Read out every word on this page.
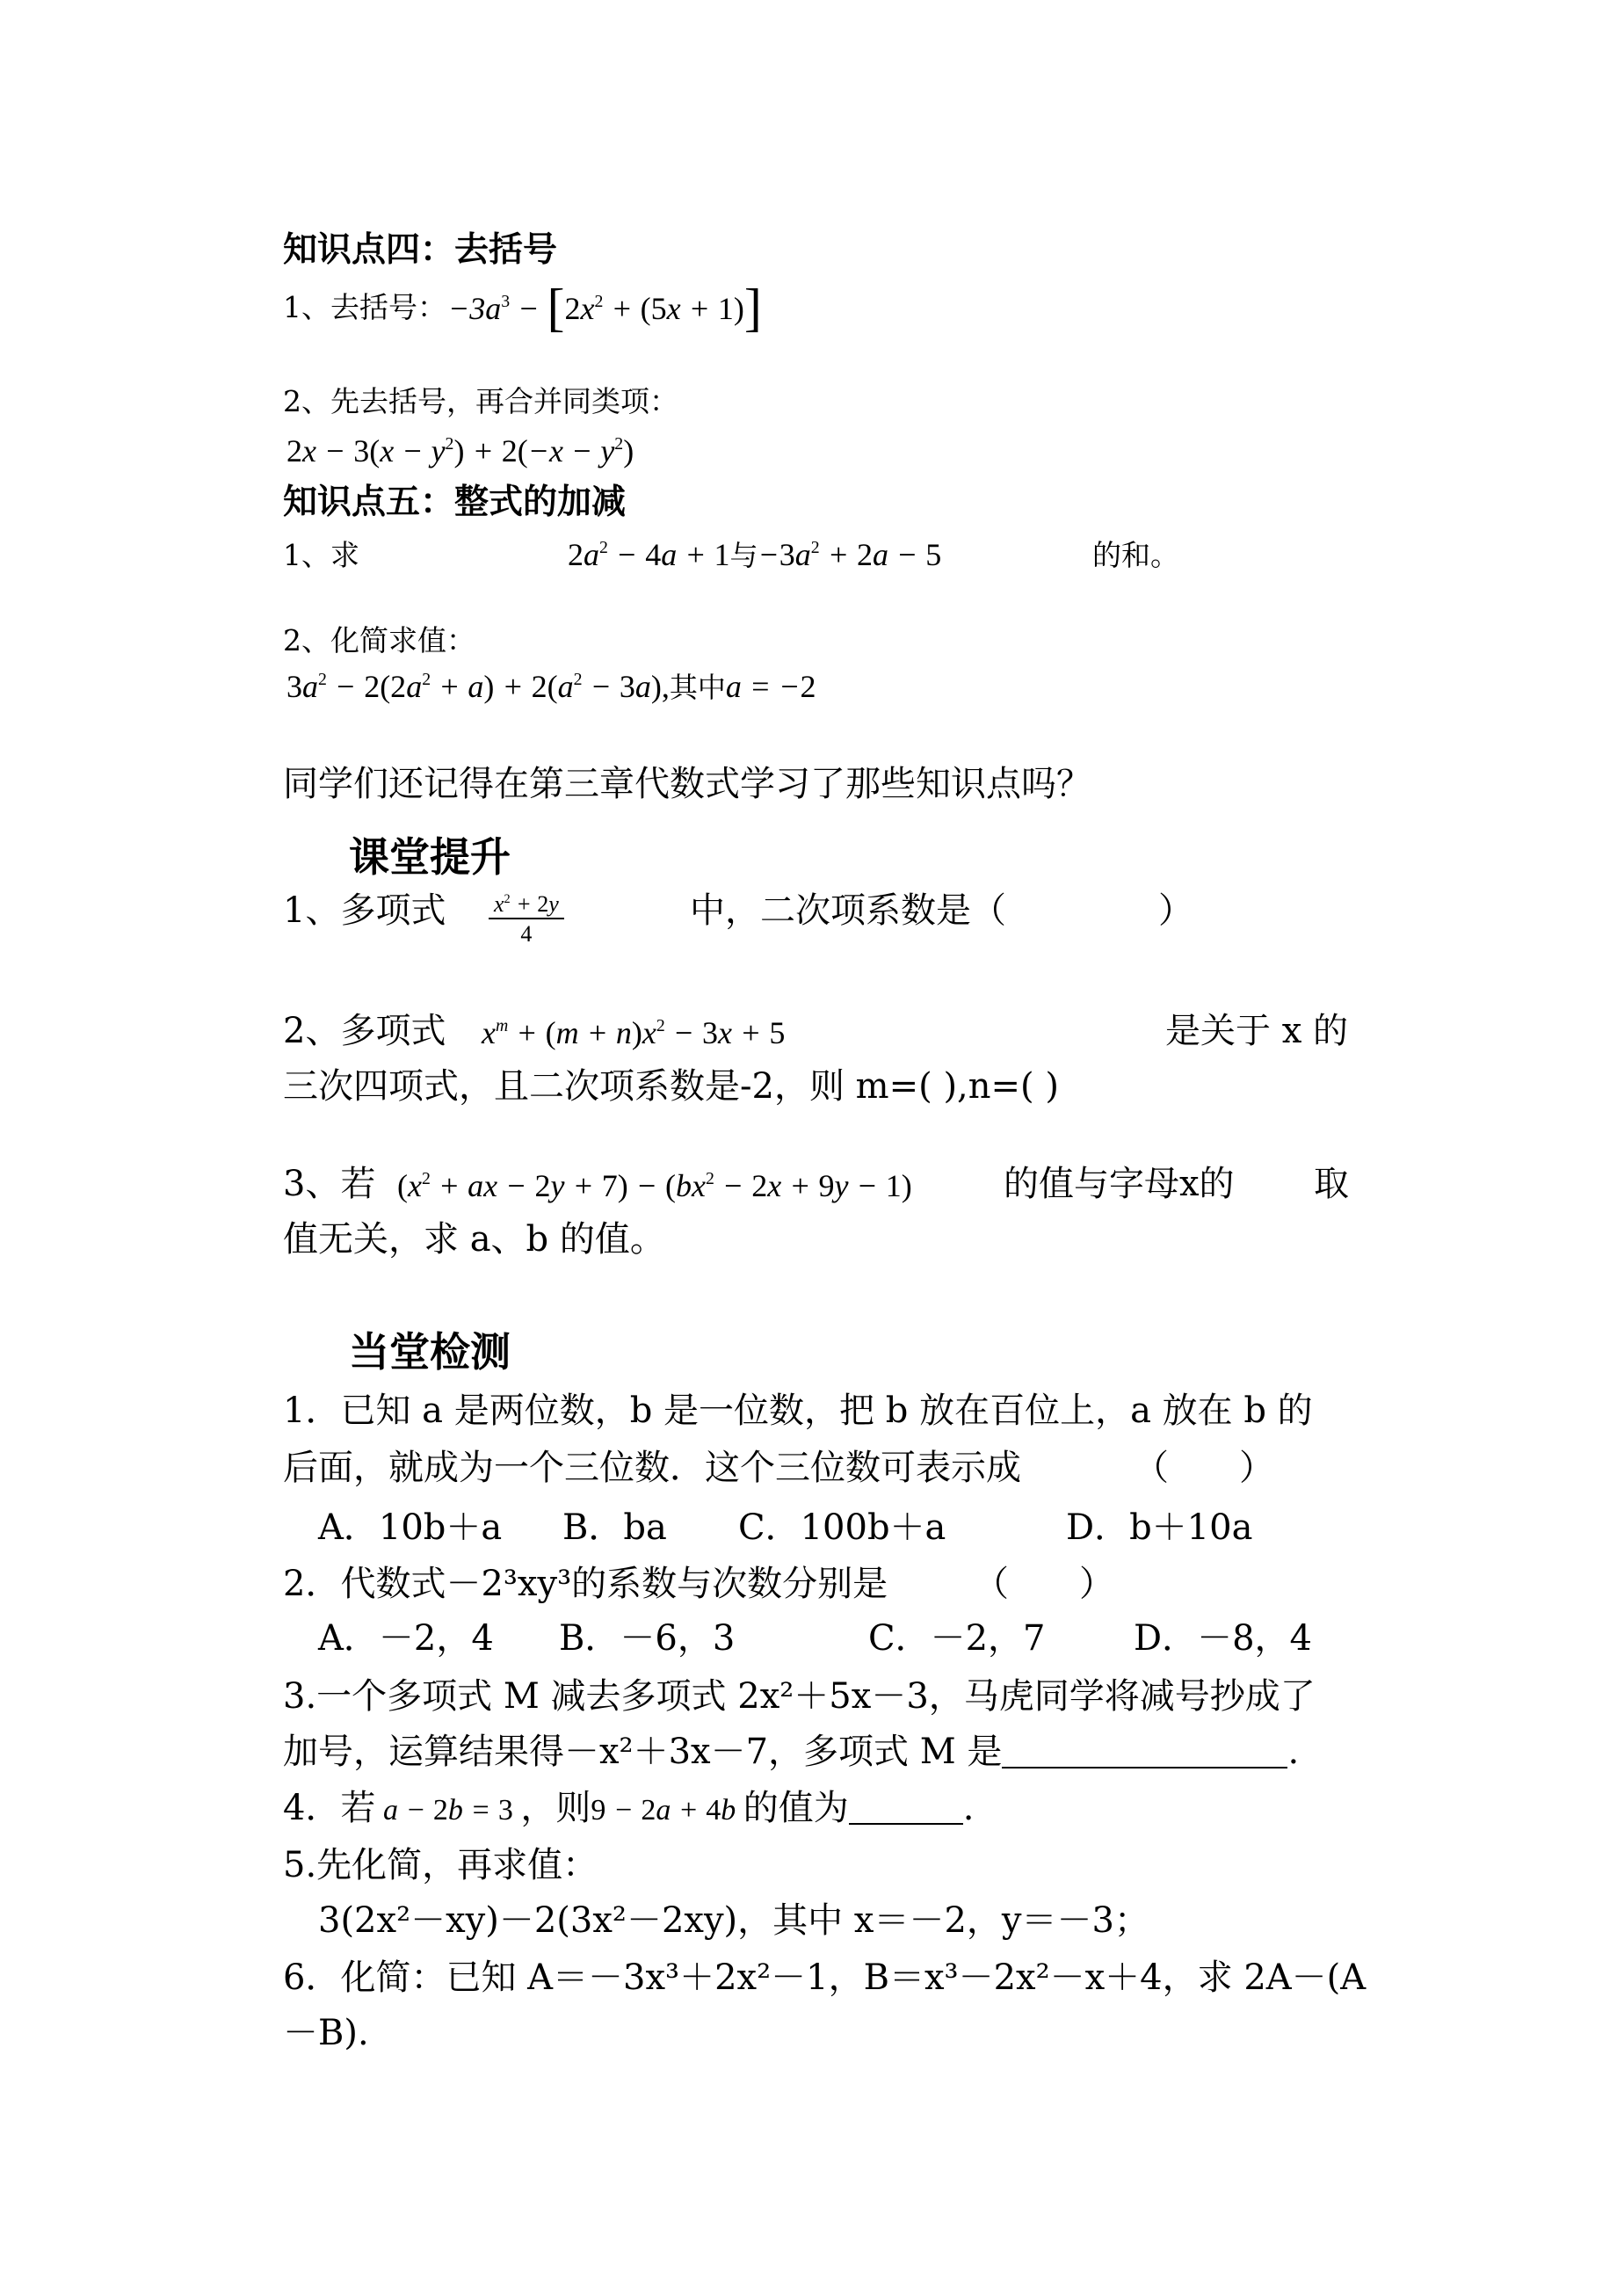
知识点四：去括号
1、去括号： $-3a^3 - [2x^2 + (5x + 1)]$
2、先去括号，再合并同类项：
$2x - 3(x - y^2) + 2(-x - y^2)$
知识点五：整式的加减
1、求	$2a^2 - 4a + 1$与$-3a^2 + 2a - 5$	的和。
2、化简求值：
$3a^2 - 2(2a^2 + a) + 2(a^2 - 3a)$,其中a = −2
同学们还记得在第三章代数式学习了那些知识点吗？
课堂提升
1、多项式 $\frac{x^2 + 2y}{4}$	中，二次项系数是（	）
2、多项式 $x^m + (m + n)x^2 - 3x + 5$	是关于 x 的
三次四项式，且二次项系数是-2，则 m=( ),n=( )
3、若 ($x^2$ + ax − $2y + 7) - (bx^2 - 2x + 9y - 1)$	的值与字母x的 取
值无关，求 a、b 的值。
当堂检测
1．已知 a 是两位数，b 是一位数，把 b 放在百位上，a 放在 b 的
后面，就成为一个三位数．这个三位数可表示成	（　　）
A．10b＋a B．ba C．100b＋a	D．b＋10a
2．代数式－2³xy³的系数与次数分别是 （　　）
A．－2，4 B．－6，3	C．－2，7	D．－8，4
3.一个多项式 M 减去多项式 2x²＋5x－3，马虎同学将减号抄成了
加号，运算结果得－x²＋3x－7，多项式 M 是	.
4．若 a − 2b = 3 ，则9 − 2a + 4b 的值为	.
5.先化简，再求值：
3(2x²－xy)－2(3x²－2xy)，其中 x＝－2，y＝－3；
6．化简：已知 A＝－3x³＋2x²－1，B＝x³－2x²－x＋4，求 2A－(A
－B).
